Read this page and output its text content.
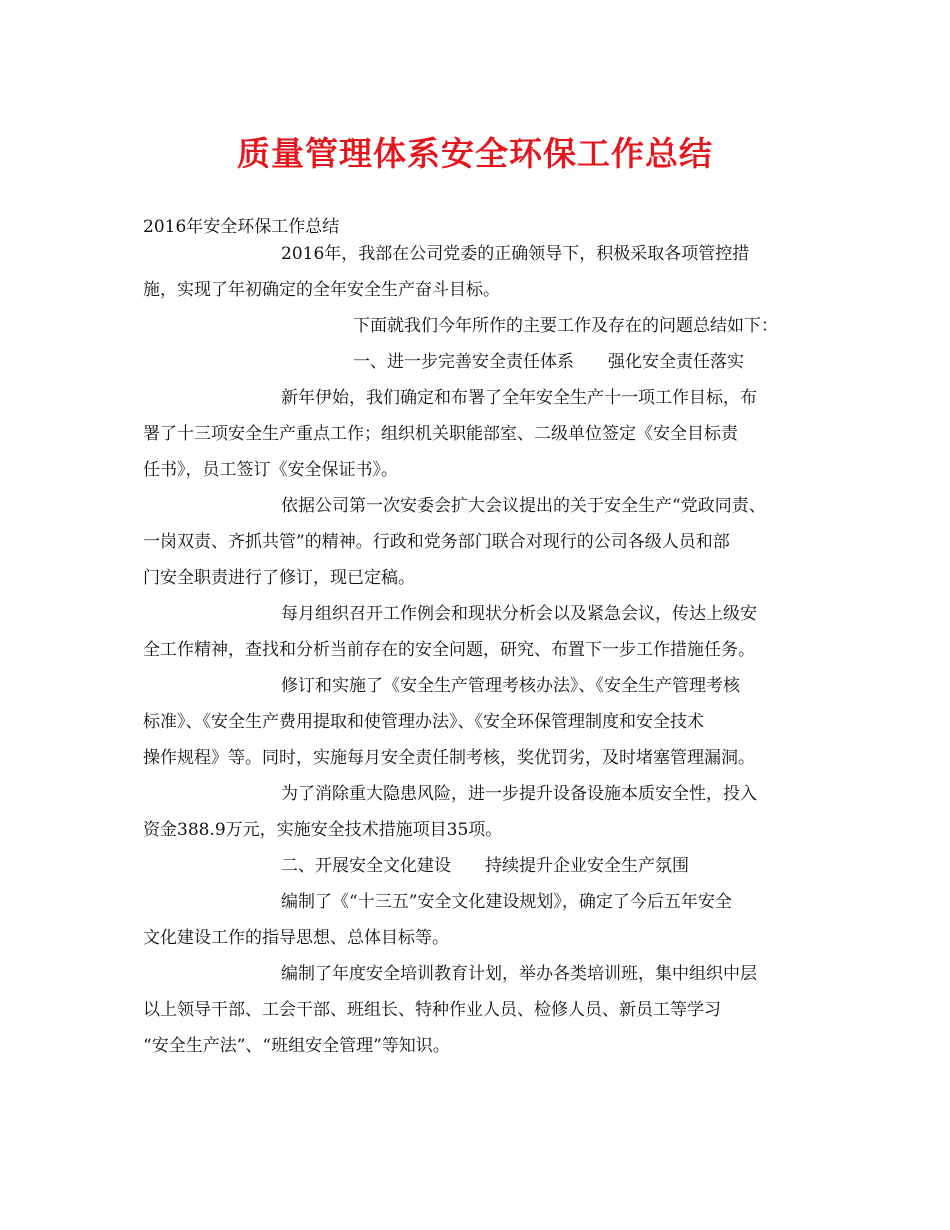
质量管理体系安全环保工作总结
2016年安全环保工作总结

2016年，我部在公司党委的正确领导下，积极采取各项管控措
施，实现了年初确定的全年安全生产奋斗目标。

下面就我们今年所作的主要工作及存在的问题总结如下：

一、进一步完善安全责任体系　　强化安全责任落实

新年伊始，我们确定和布署了全年安全生产十一项工作目标，布
署了十三项安全生产重点工作；组织机关职能部室、二级单位签定《安全目标责
任书》，员工签订《安全保证书》。

依据公司第一次安委会扩大会议提出的关于安全生产“党政同责、
一岗双责、齐抓共管”的精神。行政和党务部门联合对现行的公司各级人员和部
门安全职责进行了修订，现已定稿。

每月组织召开工作例会和现状分析会以及紧急会议，传达上级安
全工作精神，查找和分析当前存在的安全问题，研究、布置下一步工作措施任务。

修订和实施了《安全生产管理考核办法》、《安全生产管理考核
标准》、《安全生产费用提取和使管理办法》、《安全环保管理制度和安全技术
操作规程》等。同时，实施每月安全责任制考核，奖优罚劣，及时堵塞管理漏洞。

为了消除重大隐患风险，进一步提升设备设施本质安全性，投入
资金388.9万元，实施安全技术措施项目35项。

二、开展安全文化建设　　持续提升企业安全生产氛围

编制了《“十三五”安全文化建设规划》，确定了今后五年安全
文化建设工作的指导思想、总体目标等。

编制了年度安全培训教育计划，举办各类培训班，集中组织中层
以上领导干部、工会干部、班组长、特种作业人员、检修人员、新员工等学习
“安全生产法”、“班组安全管理”等知识。
